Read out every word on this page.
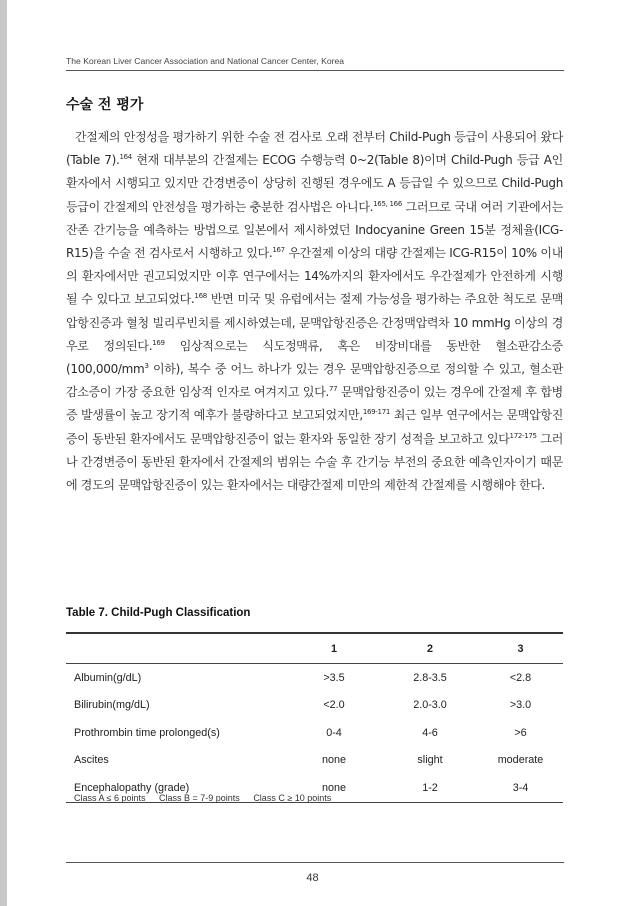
The Korean Liver Cancer Association and National Cancer Center, Korea
수술 전 평가

간절제의 안정성을 평가하기 위한 수술 전 검사로 오래 전부터 Child-Pugh 등급이 사용되어 왔다(Table 7).$^{164}$ 현재 대부분의 간절제는 ECOG 수행능력 0~2(Table 8)이며 Child-Pugh 등급 A인 환자에서 시행되고 있지만 간경변증이 상당히 진행된 경우에도 A 등급일 수 있으므로 Child-Pugh 등급이 간절제의 안전성을 평가하는 충분한 검사법은 아니다.$^{165, 166}$ 그러므로 국내 여러 기관에서는 잔존 간기능을 예측하는 방법으로 일본에서 제시하였던 Indocyanine Green 15분 정체율(ICG-R15)을 수술 전 검사로서 시행하고 있다.$^{167}$ 우간절제 이상의 대량 간절제는 ICG-R15이 10% 이내의 환자에서만 권고되었지만 이후 연구에서는 14%까지의 환자에서도 우간절제가 안전하게 시행될 수 있다고 보고되었다.$^{168}$ 반면 미국 및 유럽에서는 절제 가능성을 평가하는 주요한 척도로 문맥압항진증과 혈청 빌리루빈치를 제시하였는데, 문맥압항진증은 간정맥압력차 10 mmHg 이상의 경우로 정의된다.$^{169}$ 임상적으로는 식도정맥류, 혹은 비장비대를 동반한 혈소판감소증($100,000/mm^3$ 이하), 복수 중 어느 하나가 있는 경우 문맥압항진증으로 정의할 수 있고, 혈소판 감소증이 가장 중요한 임상적 인자로 여겨지고 있다.$^{77}$ 문맥압항진증이 있는 경우에 간절제 후 합병증 발생률이 높고 장기적 예후가 불량하다고 보고되었지만,$^{169-171}$ 최근 일부 연구에서는 문맥압항진증이 동반된 환자에서도 문맥압항진증이 없는 환자와 동일한 장기 성적을 보고하고 있다$^{172-175}$ 그러나 간경변증이 동반된 환자에서 간절제의 범위는 수술 후 간기능 부전의 중요한 예측인자이기 때문에 경도의 문맥압항진증이 있는 환자에서는 대량간절제 미만의 제한적 간절제를 시행해야 한다.

Table 7. Child-Pugh Classification
	1	2	3
Albumin(g/dL)	>3.5	2.8-3.5	<2.8
Bilirubin(mg/dL)	<2.0	2.0-3.0	>3.0
Prothrombin time prolonged(s)	0-4	4-6	>6
Ascites	none	slight	moderate
Encephalopathy (grade)	none	1-2	3-4
Class A ≤ 6 points Class B = 7-9 points Class C ≥ 10 points
48
